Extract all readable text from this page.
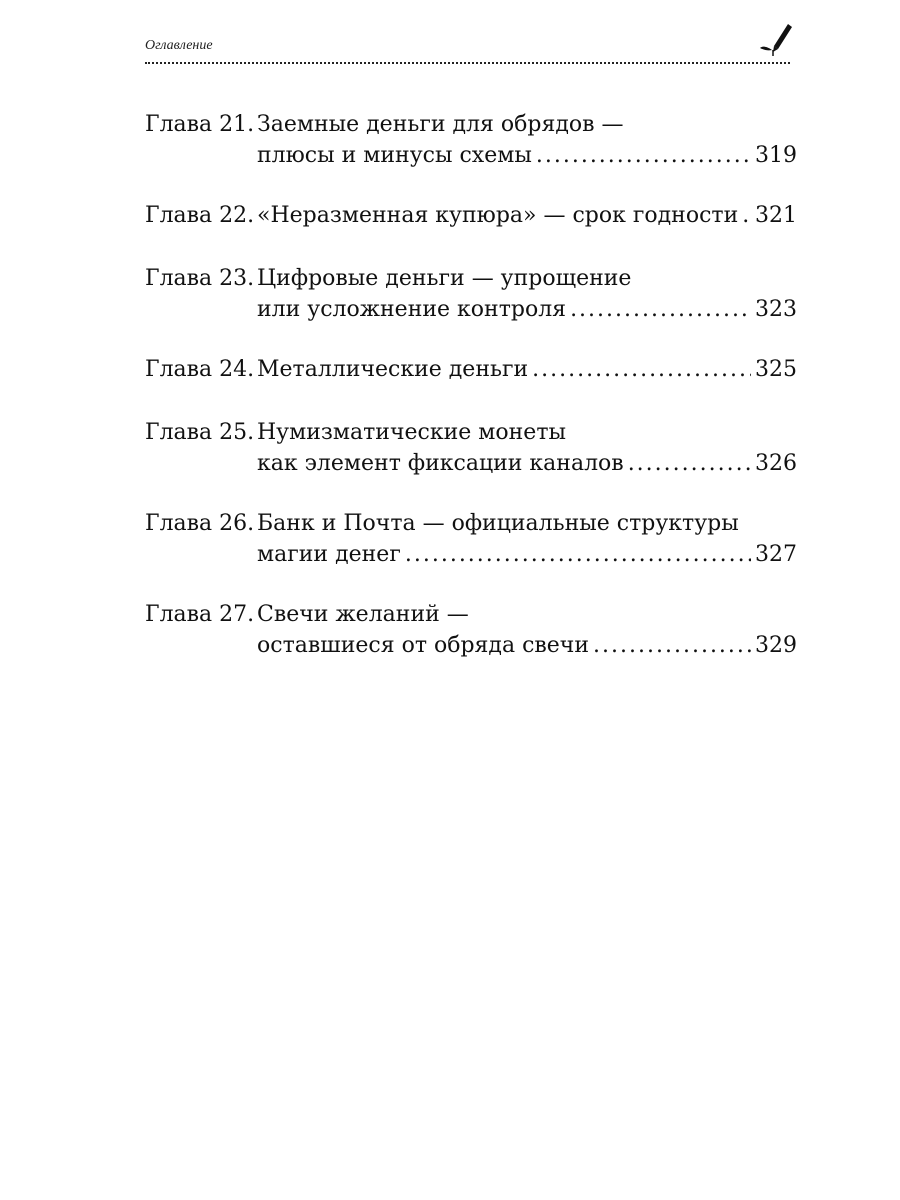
Оглавление
Глава 21. Заемные деньги для обрядов —
плюсы и минусы схемы .....	319
Глава 22. «Неразменная купюра» — срок годности ..... 321
Глава 23. Цифровые деньги — упрощение
или усложнение контроля .....	323
Глава 24. Металлические деньги .....	325
Глава 25. Нумизматические монеты
как элемент фиксации каналов .....	326
Глава 26. Банк и Почта — официальные структуры
магии денег .....	327
Глава 27. Свечи желаний —
оставшиеся от обряда свечи .....	329
